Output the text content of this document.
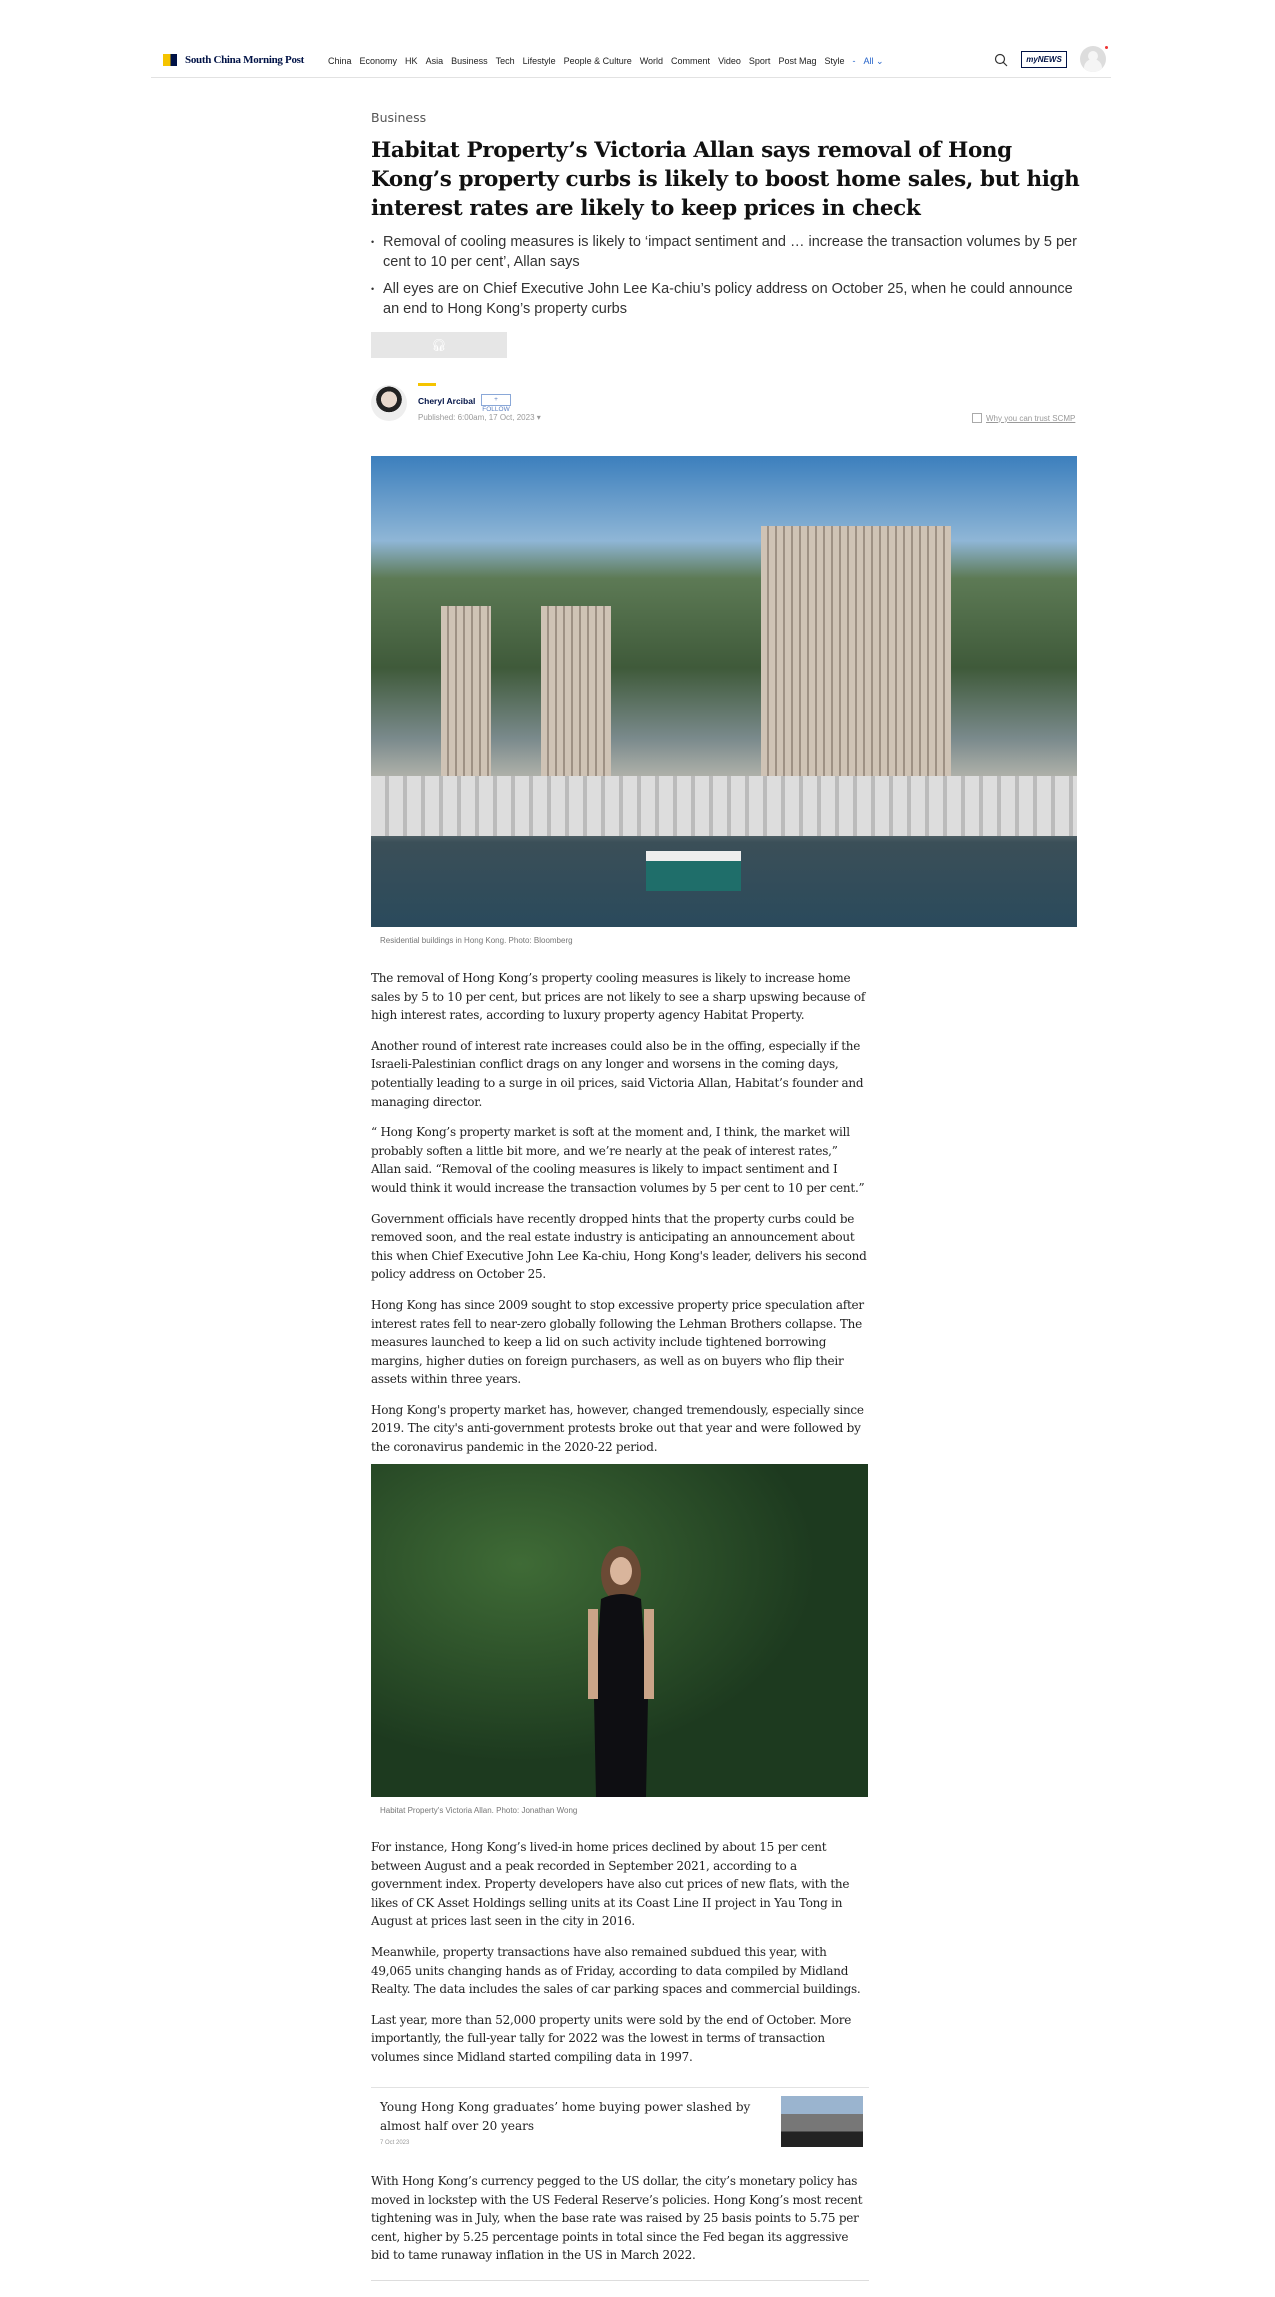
South China Morning Post	China Economy HK Asia Business Tech Lifestyle People & Culture World Comment Video Sport Post Mag Style - All ⌄	myNEWS
Business
Habitat Property’s Victoria Allan says removal of Hong Kong’s property curbs is likely to boost home sales, but high interest rates are likely to keep prices in check
• Removal of cooling measures is likely to ‘impact sentiment and … increase the transaction volumes by 5 per cent to 10 per cent’, Allan says
• All eyes are on Chief Executive John Lee Ka-chiu’s policy address on October 25, when he could announce an end to Hong Kong’s property curbs
🎧︎
Cheryl Arcibal	+ FOLLOW
Published: 6:00am, 17 Oct, 2023 ▾	Why you can trust SCMP
Residential buildings in Hong Kong. Photo: Bloomberg

The removal of Hong Kong’s property cooling measures is likely to increase home sales by 5 to 10 per cent, but prices are not likely to see a sharp upswing because of high interest rates, according to luxury property agency Habitat Property.

Another round of interest rate increases could also be in the offing, especially if the Israeli-Palestinian conflict drags on any longer and worsens in the coming days, potentially leading to a surge in oil prices, said Victoria Allan, Habitat’s founder and managing director.

“ Hong Kong’s property market is soft at the moment and, I think, the market will probably soften a little bit more, and we’re nearly at the peak of interest rates,” Allan said. “Removal of the cooling measures is likely to impact sentiment and I would think it would increase the transaction volumes by 5 per cent to 10 per cent.”

Government officials have recently dropped hints that the property curbs could be removed soon, and the real estate industry is anticipating an announcement about this when Chief Executive John Lee Ka-chiu, Hong Kong's leader, delivers his second policy address on October 25.

Hong Kong has since 2009 sought to stop excessive property price speculation after interest rates fell to near-zero globally following the Lehman Brothers collapse. The measures launched to keep a lid on such activity include tightened borrowing margins, higher duties on foreign purchasers, as well as on buyers who flip their assets within three years.

Hong Kong's property market has, however, changed tremendously, especially since 2019. The city's anti-government protests broke out that year and were followed by the coronavirus pandemic in the 2020-22 period.

Habitat Property's Victoria Allan. Photo: Jonathan Wong

For instance, Hong Kong’s lived-in home prices declined by about 15 per cent between August and a peak recorded in September 2021, according to a government index. Property developers have also cut prices of new flats, with the likes of CK Asset Holdings selling units at its Coast Line II project in Yau Tong in August at prices last seen in the city in 2016.

Meanwhile, property transactions have also remained subdued this year, with 49,065 units changing hands as of Friday, according to data compiled by Midland Realty. The data includes the sales of car parking spaces and commercial buildings.

Last year, more than 52,000 property units were sold by the end of October. More importantly, the full-year tally for 2022 was the lowest in terms of transaction volumes since Midland started compiling data in 1997.

Young Hong Kong graduates’ home buying power slashed by almost half over 20 years
7 Oct 2023

With Hong Kong’s currency pegged to the US dollar, the city’s monetary policy has moved in lockstep with the US Federal Reserve’s policies. Hong Kong’s most recent tightening was in July, when the base rate was raised by 25 basis points to 5.75 per cent, higher by 5.25 percentage points in total since the Fed began its aggressive bid to tame runaway inflation in the US in March 2022.
